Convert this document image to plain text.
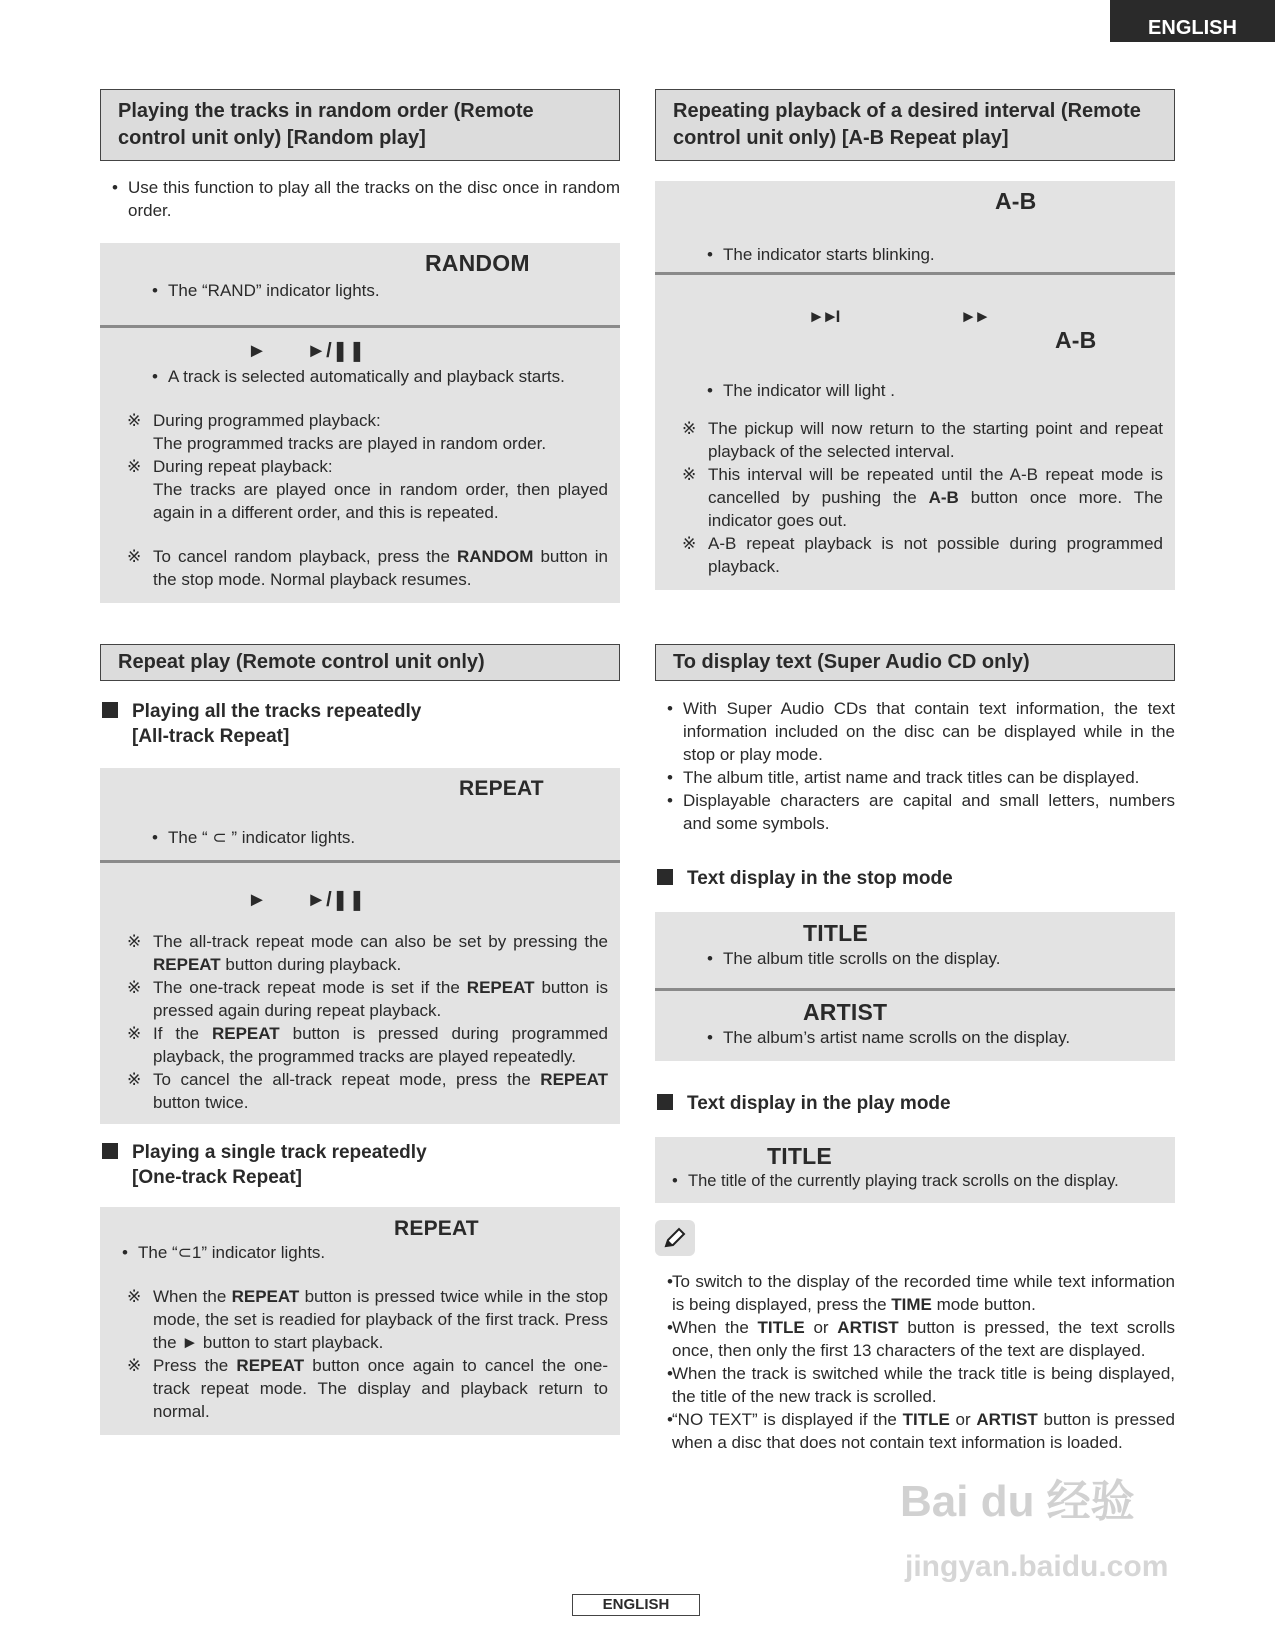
ENGLISH
Playing the tracks in random order (Remote control unit only) [Random play]
• Use this function to play all the tracks on the disc once in random order.
RANDOM
• The “RAND” indicator lights.
► ►/❚❚
• A track is selected automatically and playback starts.
※ During programmed playback:
The programmed tracks are played in random order.
※ During repeat playback:
The tracks are played once in random order, then played again in a different order, and this is repeated.
※ To cancel random playback, press the RANDOM button in the stop mode. Normal playback resumes.
Repeat play (Remote control unit only)
Playing all the tracks repeatedly
[All-track Repeat]
REPEAT
• The “ ⊂ ” indicator lights.
► ►/❚❚
※ The all-track repeat mode can also be set by pressing the REPEAT button during playback.
※ The one-track repeat mode is set if the REPEAT button is pressed again during repeat playback.
※ If the REPEAT button is pressed during programmed playback, the programmed tracks are played repeatedly.
※ To cancel the all-track repeat mode, press the REPEAT button twice.
Playing a single track repeatedly
[One-track Repeat]
REPEAT
• The “⊂1” indicator lights.
※ When the REPEAT button is pressed twice while in the stop mode, the set is readied for playback of the first track. Press the ► button to start playback.
※ Press the REPEAT button once again to cancel the one-track repeat mode. The display and playback return to normal.
Repeating playback of a desired interval (Remote control unit only) [A-B Repeat play]
A-B
• The indicator starts blinking.
►►I	►►
A-B
• The indicator will light .
※ The pickup will now return to the starting point and repeat playback of the selected interval.
※ This interval will be repeated until the A-B repeat mode is cancelled by pushing the A-B button once more. The indicator goes out.
※ A-B repeat playback is not possible during programmed playback.
To display text (Super Audio CD only)
• With Super Audio CDs that contain text information, the text information included on the disc can be displayed while in the stop or play mode.
• The album title, artist name and track titles can be displayed.
• Displayable characters are capital and small letters, numbers and some symbols.
Text display in the stop mode
TITLE
• The album title scrolls on the display.
ARTIST
• The album’s artist name scrolls on the display.
Text display in the play mode
TITLE
• The title of the currently playing track scrolls on the display.
• To switch to the display of the recorded time while text information is being displayed, press the TIME mode button.
• When the TITLE or ARTIST button is pressed, the text scrolls once, then only the first 13 characters of the text are displayed.
• When the track is switched while the track title is being displayed, the title of the new track is scrolled.
• “NO TEXT” is displayed if the TITLE or ARTIST button is pressed when a disc that does not contain text information is loaded.
Bai du 经验
jingyan.baidu.com
ENGLISH
